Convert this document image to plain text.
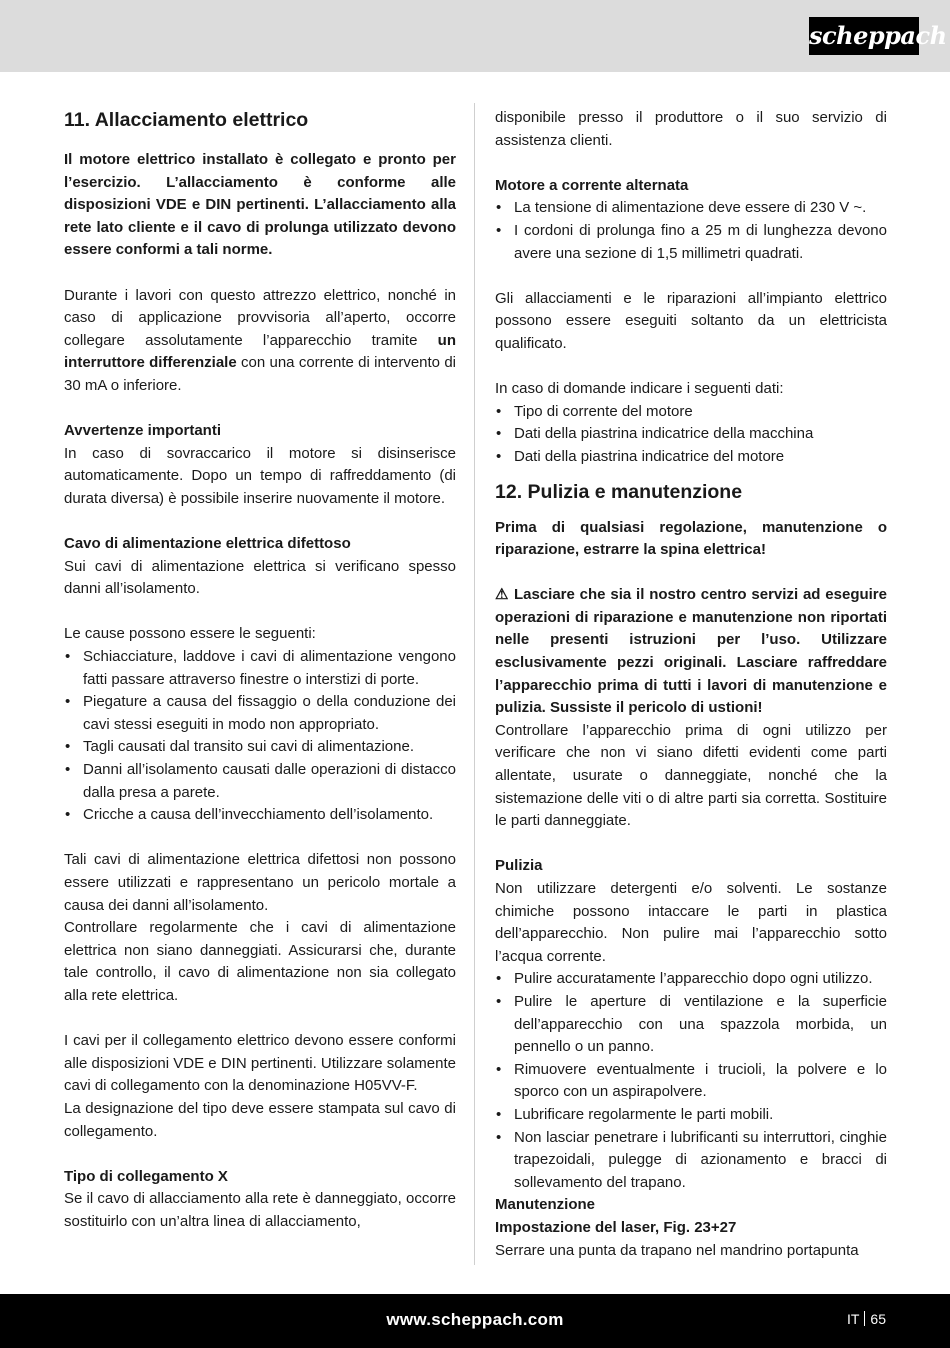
scheppach
11. Allacciamento elettrico

Il motore elettrico installato è collegato e pronto per l’esercizio. L’allacciamento è conforme alle disposizioni VDE e DIN pertinenti. L’allacciamento alla rete lato cliente e il cavo di prolunga utilizzato devono essere conformi a tali norme.

Durante i lavori con questo attrezzo elettrico, nonché in caso di applicazione provvisoria all’aperto, occorre collegare assolutamente l’apparecchio tramite un interruttore differenziale con una corrente di intervento di 30 mA o inferiore.

Avvertenze importanti

In caso di sovraccarico il motore si disinserisce automaticamente. Dopo un tempo di raffreddamento (di durata diversa) è possibile inserire nuovamente il motore.

Cavo di alimentazione elettrica difettoso

Sui cavi di alimentazione elettrica si verificano spesso danni all’isolamento.

Le cause possono essere le seguenti:

• Schiacciature, laddove i cavi di alimentazione vengono fatti passare attraverso finestre o interstizi di porte.
• Piegature a causa del fissaggio o della conduzione dei cavi stessi eseguiti in modo non appropriato.
• Tagli causati dal transito sui cavi di alimentazione.
• Danni all’isolamento causati dalle operazioni di distacco dalla presa a parete.
• Cricche a causa dell’invecchiamento dell’isolamento.

Tali cavi di alimentazione elettrica difettosi non possono essere utilizzati e rappresentano un pericolo mortale a causa dei danni all’isolamento.

Controllare regolarmente che i cavi di alimentazione elettrica non siano danneggiati. Assicurarsi che, durante tale controllo, il cavo di alimentazione non sia collegato alla rete elettrica.

I cavi per il collegamento elettrico devono essere conformi alle disposizioni VDE e DIN pertinenti. Utilizzare solamente cavi di collegamento con la denominazione H05VV-F.

La designazione del tipo deve essere stampata sul cavo di collegamento.

Tipo di collegamento X

Se il cavo di allacciamento alla rete è danneggiato, occorre sostituirlo con un’altra linea di allacciamento,

disponibile presso il produttore o il suo servizio di assistenza clienti.

Motore a corrente alternata

• La tensione di alimentazione deve essere di 230 V ~.
• I cordoni di prolunga fino a 25 m di lunghezza devono avere una sezione di 1,5 millimetri quadrati.

Gli allacciamenti e le riparazioni all’impianto elettrico possono essere eseguiti soltanto da un elettricista qualificato.

In caso di domande indicare i seguenti dati:

• Tipo di corrente del motore
• Dati della piastrina indicatrice della macchina
• Dati della piastrina indicatrice del motore
12. Pulizia e manutenzione

Prima di qualsiasi regolazione, manutenzione o riparazione, estrarre la spina elettrica!

⚠ Lasciare che sia il nostro centro servizi ad eseguire operazioni di riparazione e manutenzione non riportati nelle presenti istruzioni per l’uso. Utilizzare esclusivamente pezzi originali. Lasciare raffreddare l’apparecchio prima di tutti i lavori di manutenzione e pulizia. Sussiste il pericolo di ustioni!

Controllare l’apparecchio prima di ogni utilizzo per verificare che non vi siano difetti evidenti come parti allentate, usurate o danneggiate, nonché che la sistemazione delle viti o di altre parti sia corretta. Sostituire le parti danneggiate.

Pulizia

Non utilizzare detergenti e/o solventi. Le sostanze chimiche possono intaccare le parti in plastica dell’apparecchio. Non pulire mai l’apparecchio sotto l’acqua corrente.

• Pulire accuratamente l’apparecchio dopo ogni utilizzo.
• Pulire le aperture di ventilazione e la superficie dell’apparecchio con una spazzola morbida, un pennello o un panno.
• Rimuovere eventualmente i trucioli, la polvere e lo sporco con un aspirapolvere.
• Lubrificare regolarmente le parti mobili.
• Non lasciar penetrare i lubrificanti su interruttori, cinghie trapezoidali, pulegge di azionamento e bracci di sollevamento del trapano.

Manutenzione

Impostazione del laser, Fig. 23+27

Serrare una punta da trapano nel mandrino portapunta

www.scheppach.com	IT 65
